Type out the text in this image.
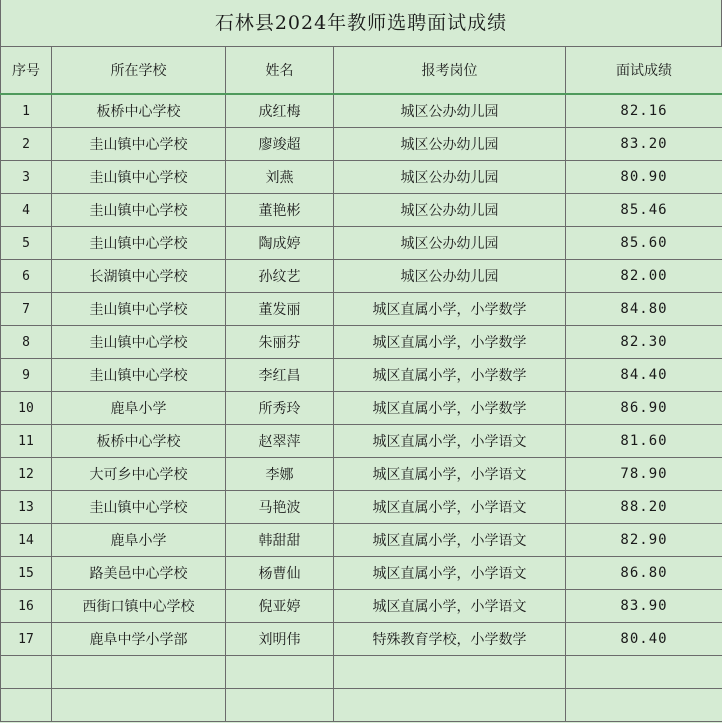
石林县2024年教师选聘面试成绩
序号	所在学校	姓名	报考岗位	面试成绩
1	板桥中心学校	成红梅	城区公办幼儿园	82.16
2	圭山镇中心学校	廖竣超	城区公办幼儿园	83.20
3	圭山镇中心学校	刘燕	城区公办幼儿园	80.90
4	圭山镇中心学校	董艳彬	城区公办幼儿园	85.46
5	圭山镇中心学校	陶成婷	城区公办幼儿园	85.60
6	长湖镇中心学校	孙纹艺	城区公办幼儿园	82.00
7	圭山镇中心学校	董发丽	城区直属小学，小学数学	84.80
8	圭山镇中心学校	朱丽芬	城区直属小学，小学数学	82.30
9	圭山镇中心学校	李红昌	城区直属小学，小学数学	84.40
10	鹿阜小学	所秀玲	城区直属小学，小学数学	86.90
11	板桥中心学校	赵翠萍	城区直属小学，小学语文	81.60
12	大可乡中心学校	李娜	城区直属小学，小学语文	78.90
13	圭山镇中心学校	马艳波	城区直属小学，小学语文	88.20
14	鹿阜小学	韩甜甜	城区直属小学，小学语文	82.90
15	路美邑中心学校	杨曹仙	城区直属小学，小学语文	86.80
16	西街口镇中心学校	倪亚婷	城区直属小学，小学语文	83.90
17	鹿阜中学小学部	刘明伟	特殊教育学校，小学数学	80.40
